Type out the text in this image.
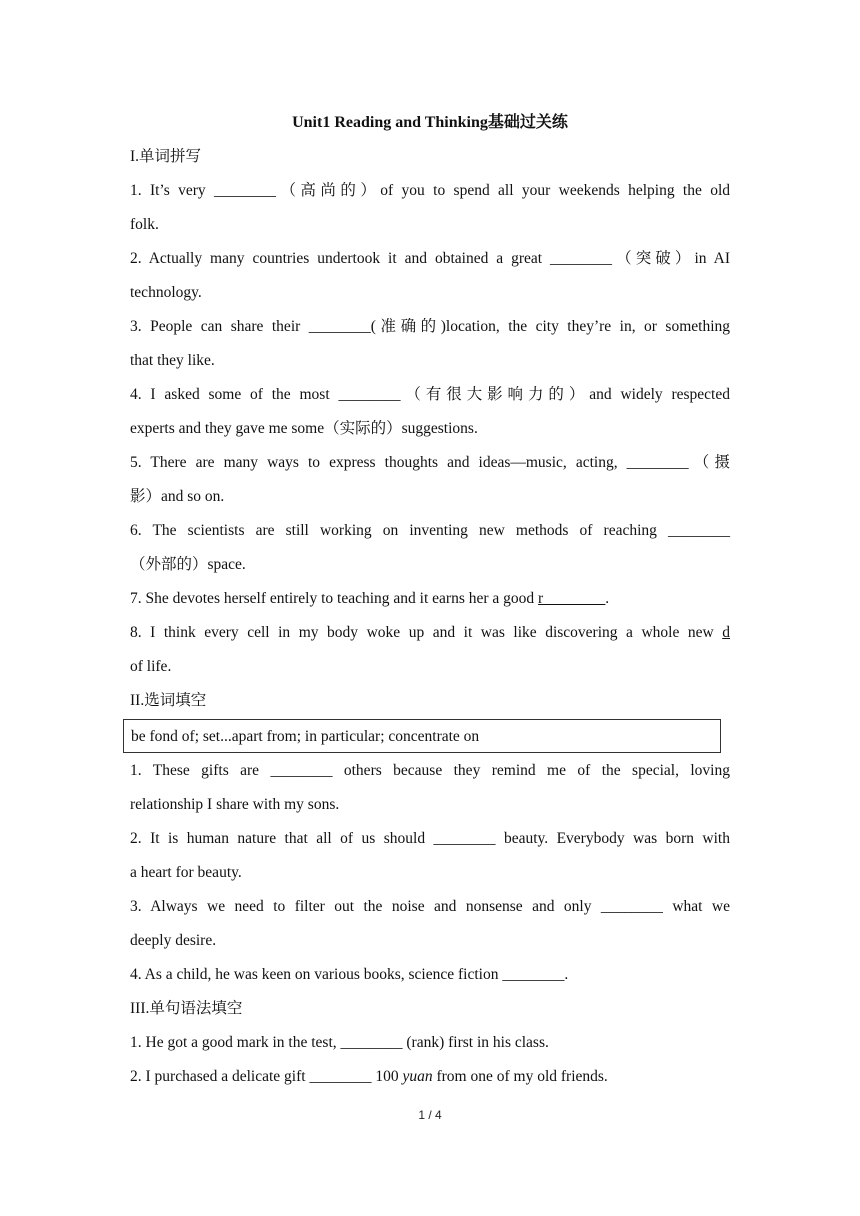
Unit1 Reading and Thinking基础过关练
I.单词拼写
1. It’s very ________（高尚的）of you to spend all your weekends helping the old
folk.
2. Actually many countries undertook it and obtained a great ________（突破）in AI
technology.
3. People can share their ________(准确的)location, the city they’re in, or something
that they like.
4. I asked some of the most ________（有很大影响力的）and widely respected
experts and they gave me some（实际的）suggestions.
5. There are many ways to express thoughts and ideas—music, acting, ________（摄
影）and so on.
6. The scientists are still working on inventing new methods of reaching ________
（外部的）space.
7. She devotes herself entirely to teaching and it earns her a good r________.
8. I think every cell in my body woke up and it was like discovering a whole new d
of life.
II.选词填空
be fond of; set...apart from; in particular; concentrate on
1. These gifts are ________ others because they remind me of the special, loving
relationship I share with my sons.
2. It is human nature that all of us should ________ beauty. Everybody was born with
a heart for beauty.
3. Always we need to filter out the noise and nonsense and only ________ what we
deeply desire.
4. As a child, he was keen on various books, science fiction ________.
III.单句语法填空
1. He got a good mark in the test, ________ (rank) first in his class.
2. I purchased a delicate gift ________ 100 yuan from one of my old friends.
1 / 4
